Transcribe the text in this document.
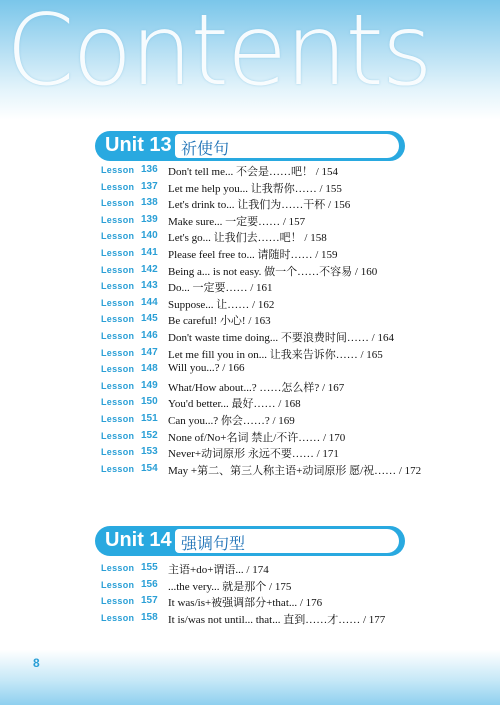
Contents
Unit 13 祈使句
Lesson 136 Don't tell me... 不会是……吧！ / 154
Lesson 137 Let me help you... 让我帮你…… / 155
Lesson 138 Let's drink to... 让我们为……干杯 / 156
Lesson 139 Make sure... 一定要…… / 157
Lesson 140 Let's go... 让我们去……吧！ / 158
Lesson 141 Please feel free to... 请随时…… / 159
Lesson 142 Being a... is not easy. 做一个……不容易 / 160
Lesson 143 Do... 一定要…… / 161
Lesson 144 Suppose... 让…… / 162
Lesson 145 Be careful! 小心! / 163
Lesson 146 Don't waste time doing... 不要浪费时间…… / 164
Lesson 147 Let me fill you in on... 让我来告诉你…… / 165
Lesson 148 Will you...? / 166
Lesson 149 What/How about...? ……怎么样? / 167
Lesson 150 You'd better... 最好…… / 168
Lesson 151 Can you...? 你会……? / 169
Lesson 152 None of/No+名词 禁止/不许…… / 170
Lesson 153 Never+动词原形 永远不要…… / 171
Lesson 154 May +第二、第三人称主语+动词原形 愿/祝…… / 172
Unit 14 强调句型
Lesson 155 主语+do+谓语... / 174
Lesson 156 ...the very... 就是那个 / 175
Lesson 157 It was/is+被强调部分+that... / 176
Lesson 158 It is/was not until... that... 直到……才…… / 177
8
